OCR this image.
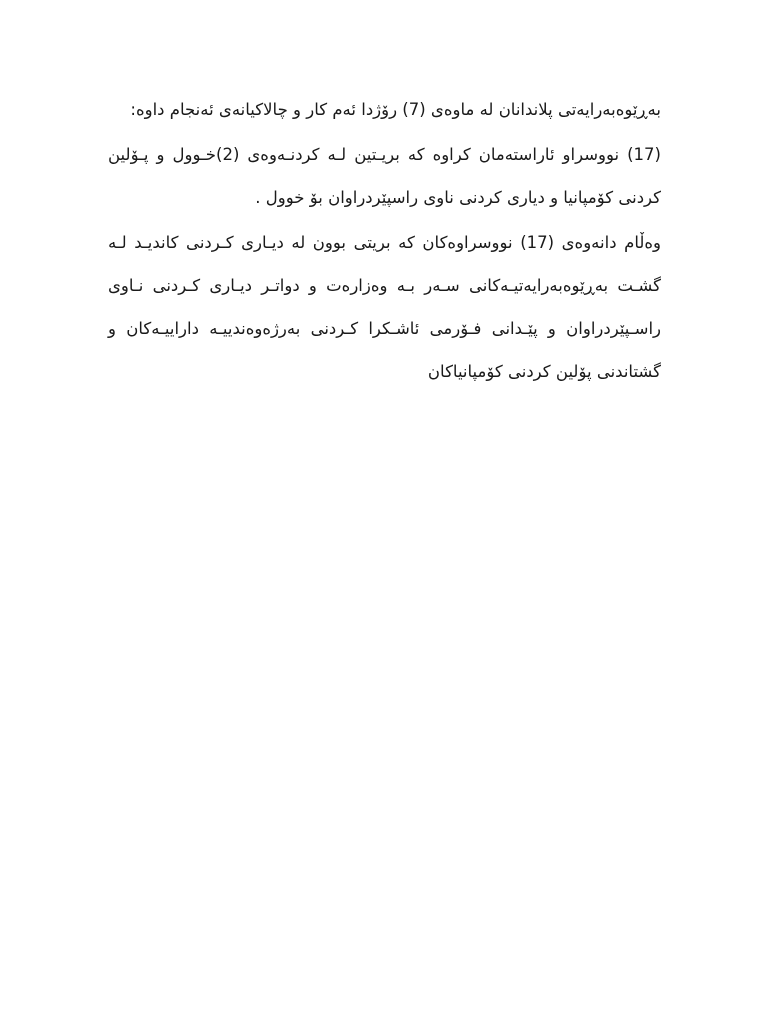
بەڕێوەبەرایەتی پلاندانان لە ماوەی (7) رۆژدا ئەم کار و چالاکیانەی ئەنجام داوە:

(17) نووسراو ئاراستەمان کراوە کە بریـتین لـە کردنـەوەی (2)خـوول و پـۆلین کردنی کۆمپانیا و دیاری کردنی ناوی راسپێردراوان بۆ خوول .

وەڵام دانەوەی (17) نووسراوەکان کە بریتی بوون لە دیـاری کـردنی کاندیـد لـە گشـت بەڕێوەبەرایەتیـەکانی سـەر بـە وەزارەت و دواتـر دیـاری کـردنی نـاوی راسـپێردراوان و پێـدانی فـۆرمی ئاشـکرا کـردنی بەرژەوەندییـە داراییـەکان و گشتاندنی پۆلین کردنی کۆمپانیاکان
